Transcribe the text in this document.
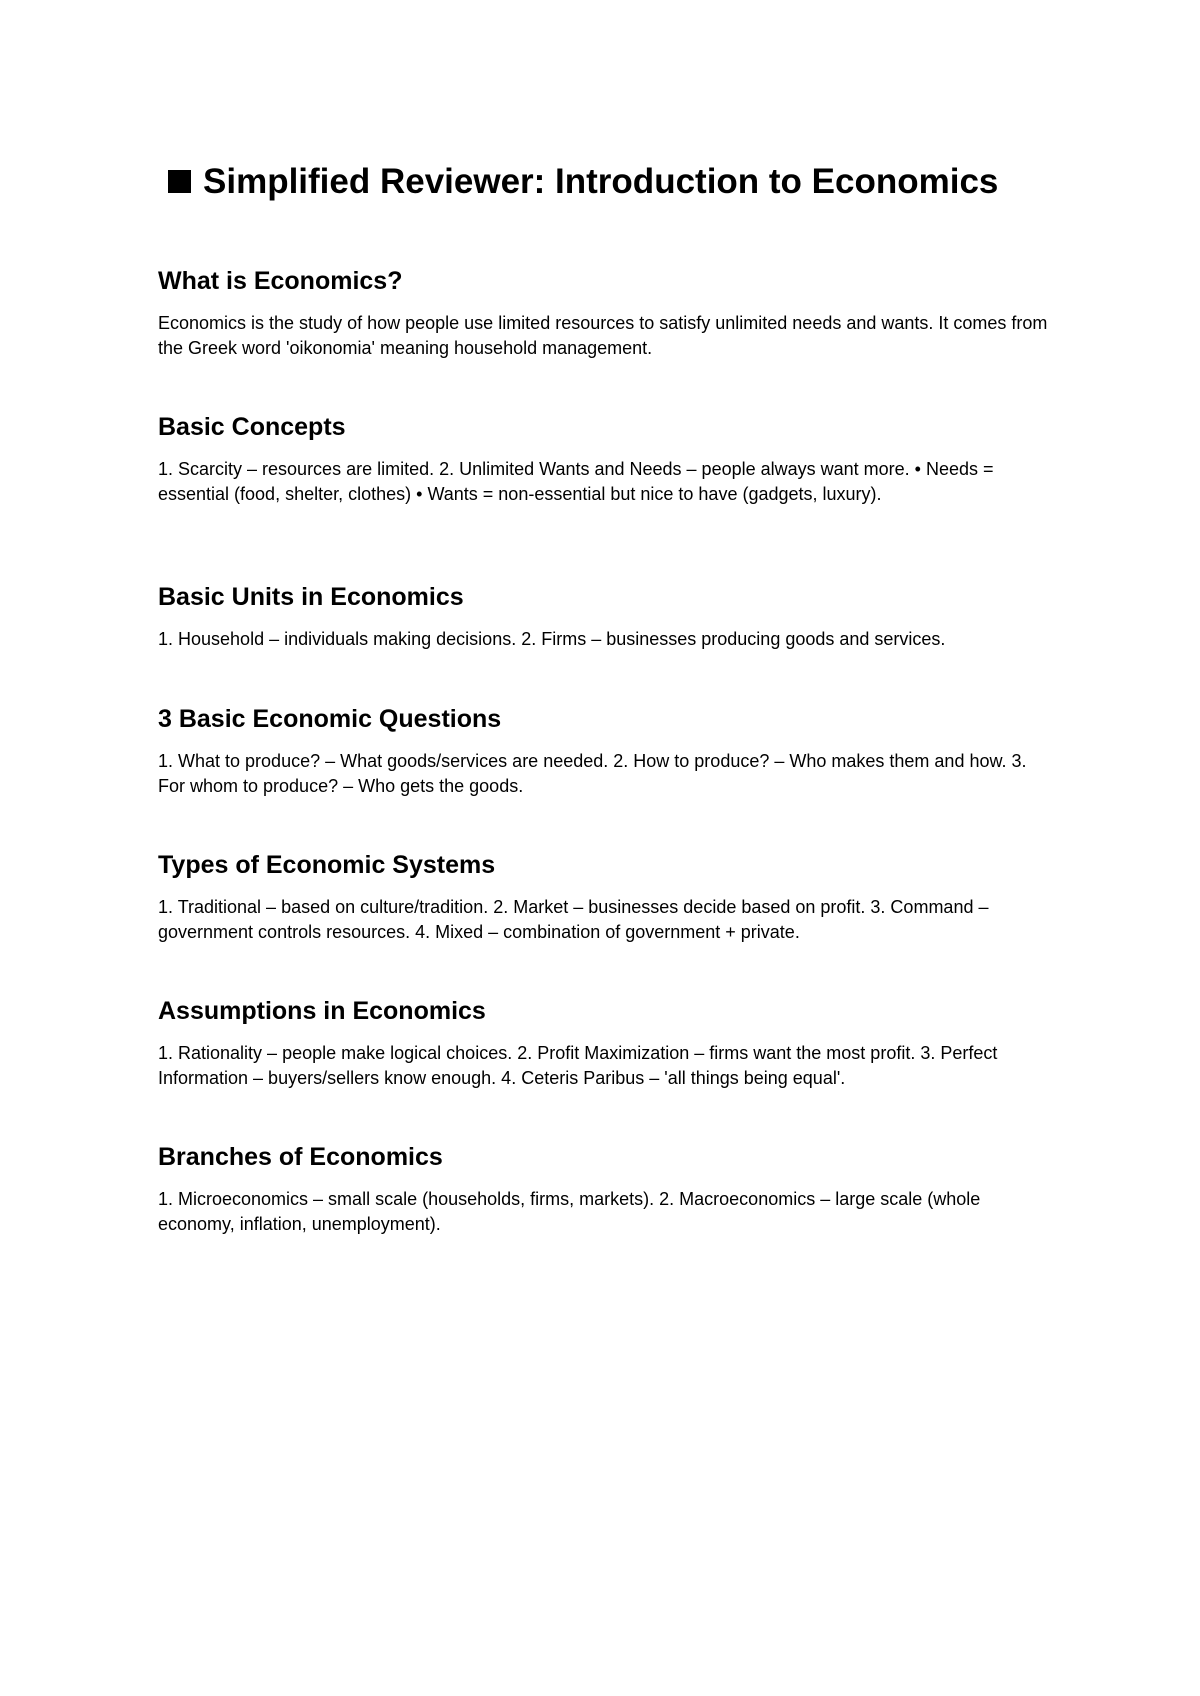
Simplified Reviewer: Introduction to Economics
What is Economics?

Economics is the study of how people use limited resources to satisfy unlimited needs and wants. It comes from the Greek word 'oikonomia' meaning household management.

Basic Concepts

1. Scarcity – resources are limited. 2. Unlimited Wants and Needs – people always want more. • Needs = essential (food, shelter, clothes) • Wants = non-essential but nice to have (gadgets, luxury).

Basic Units in Economics

1. Household – individuals making decisions. 2. Firms – businesses producing goods and services.

3 Basic Economic Questions

1. What to produce? – What goods/services are needed. 2. How to produce? – Who makes them and how. 3. For whom to produce? – Who gets the goods.

Types of Economic Systems

1. Traditional – based on culture/tradition. 2. Market – businesses decide based on profit. 3. Command – government controls resources. 4. Mixed – combination of government + private.

Assumptions in Economics

1. Rationality – people make logical choices. 2. Profit Maximization – firms want the most profit. 3. Perfect Information – buyers/sellers know enough. 4. Ceteris Paribus – 'all things being equal'.

Branches of Economics

1. Microeconomics – small scale (households, firms, markets). 2. Macroeconomics – large scale (whole economy, inflation, unemployment).
